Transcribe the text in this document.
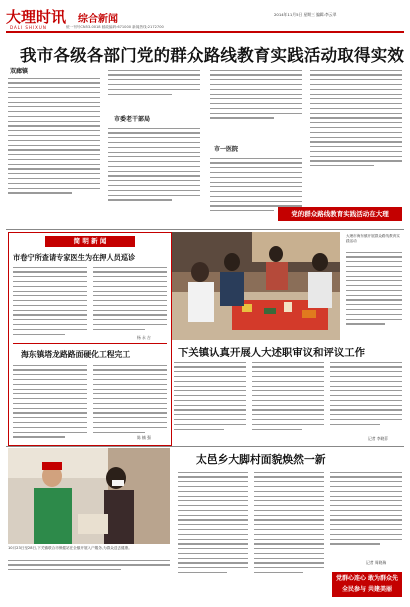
大理时讯
DALI SHIXUN
综合新闻	2014年11月5日 星期三 编辑:李云翠
统一刊号CN53-0018 邮政编码:671000 新闻热线:2172700
我市各级各部门党的群众路线教育实践活动取得实效
双廊镇
市委老干部局
市一医院
党的群众路线教育实践活动在大理
简 明 新 闻
市卷宁所查请专家医生为在押人员巡诊
杨 永 吉
海东镇塔龙路路面硬化工程完工
陈 楠 强
大理市海东镇开展群众路线教育实践活动
下关镇认真开展人大述职审议和评议工作
记者 李晓菲
10月23日至28日,下关镇联合市保健站在全镇开展入户服务,为群众送去健康。
太邑乡大脚村面貌焕然一新
记者 周晓瑞
党群心连心 敢为群众先
全民参与 共建美丽
